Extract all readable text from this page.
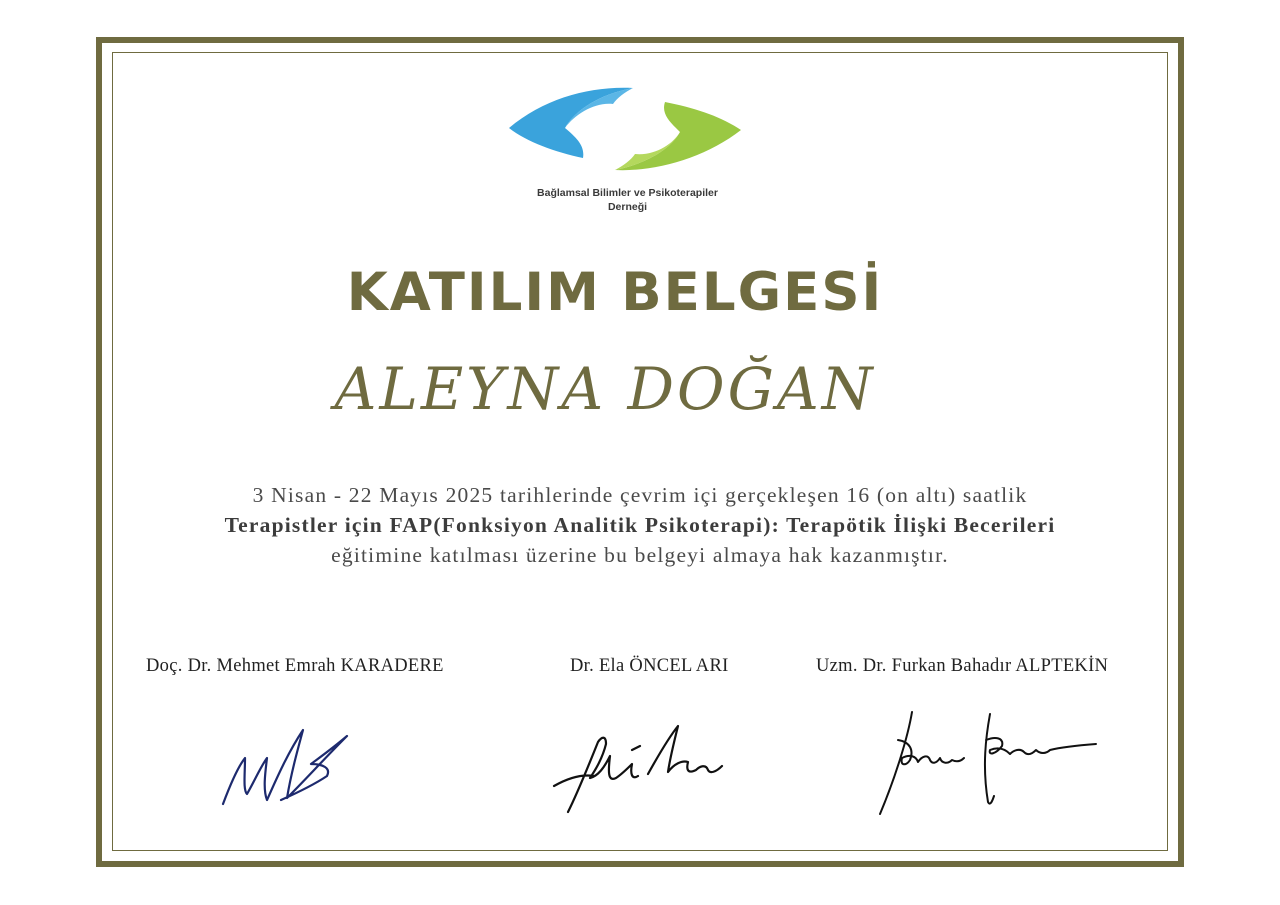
Bağlamsal Bilimler ve Psikoterapiler
Derneği
KATILIM BELGESİ
ALEYNA DOĞAN
3 Nisan - 22 Mayıs 2025 tarihlerinde çevrim içi gerçekleşen 16 (on altı) saatlik
Terapistler için FAP(Fonksiyon Analitik Psikoterapi): Terapötik İlişki Becerileri
eğitimine katılması üzerine bu belgeyi almaya hak kazanmıştır.
Doç. Dr. Mehmet Emrah KARADERE	Dr. Ela ÖNCEL ARI	Uzm. Dr. Furkan Bahadır ALPTEKİN
